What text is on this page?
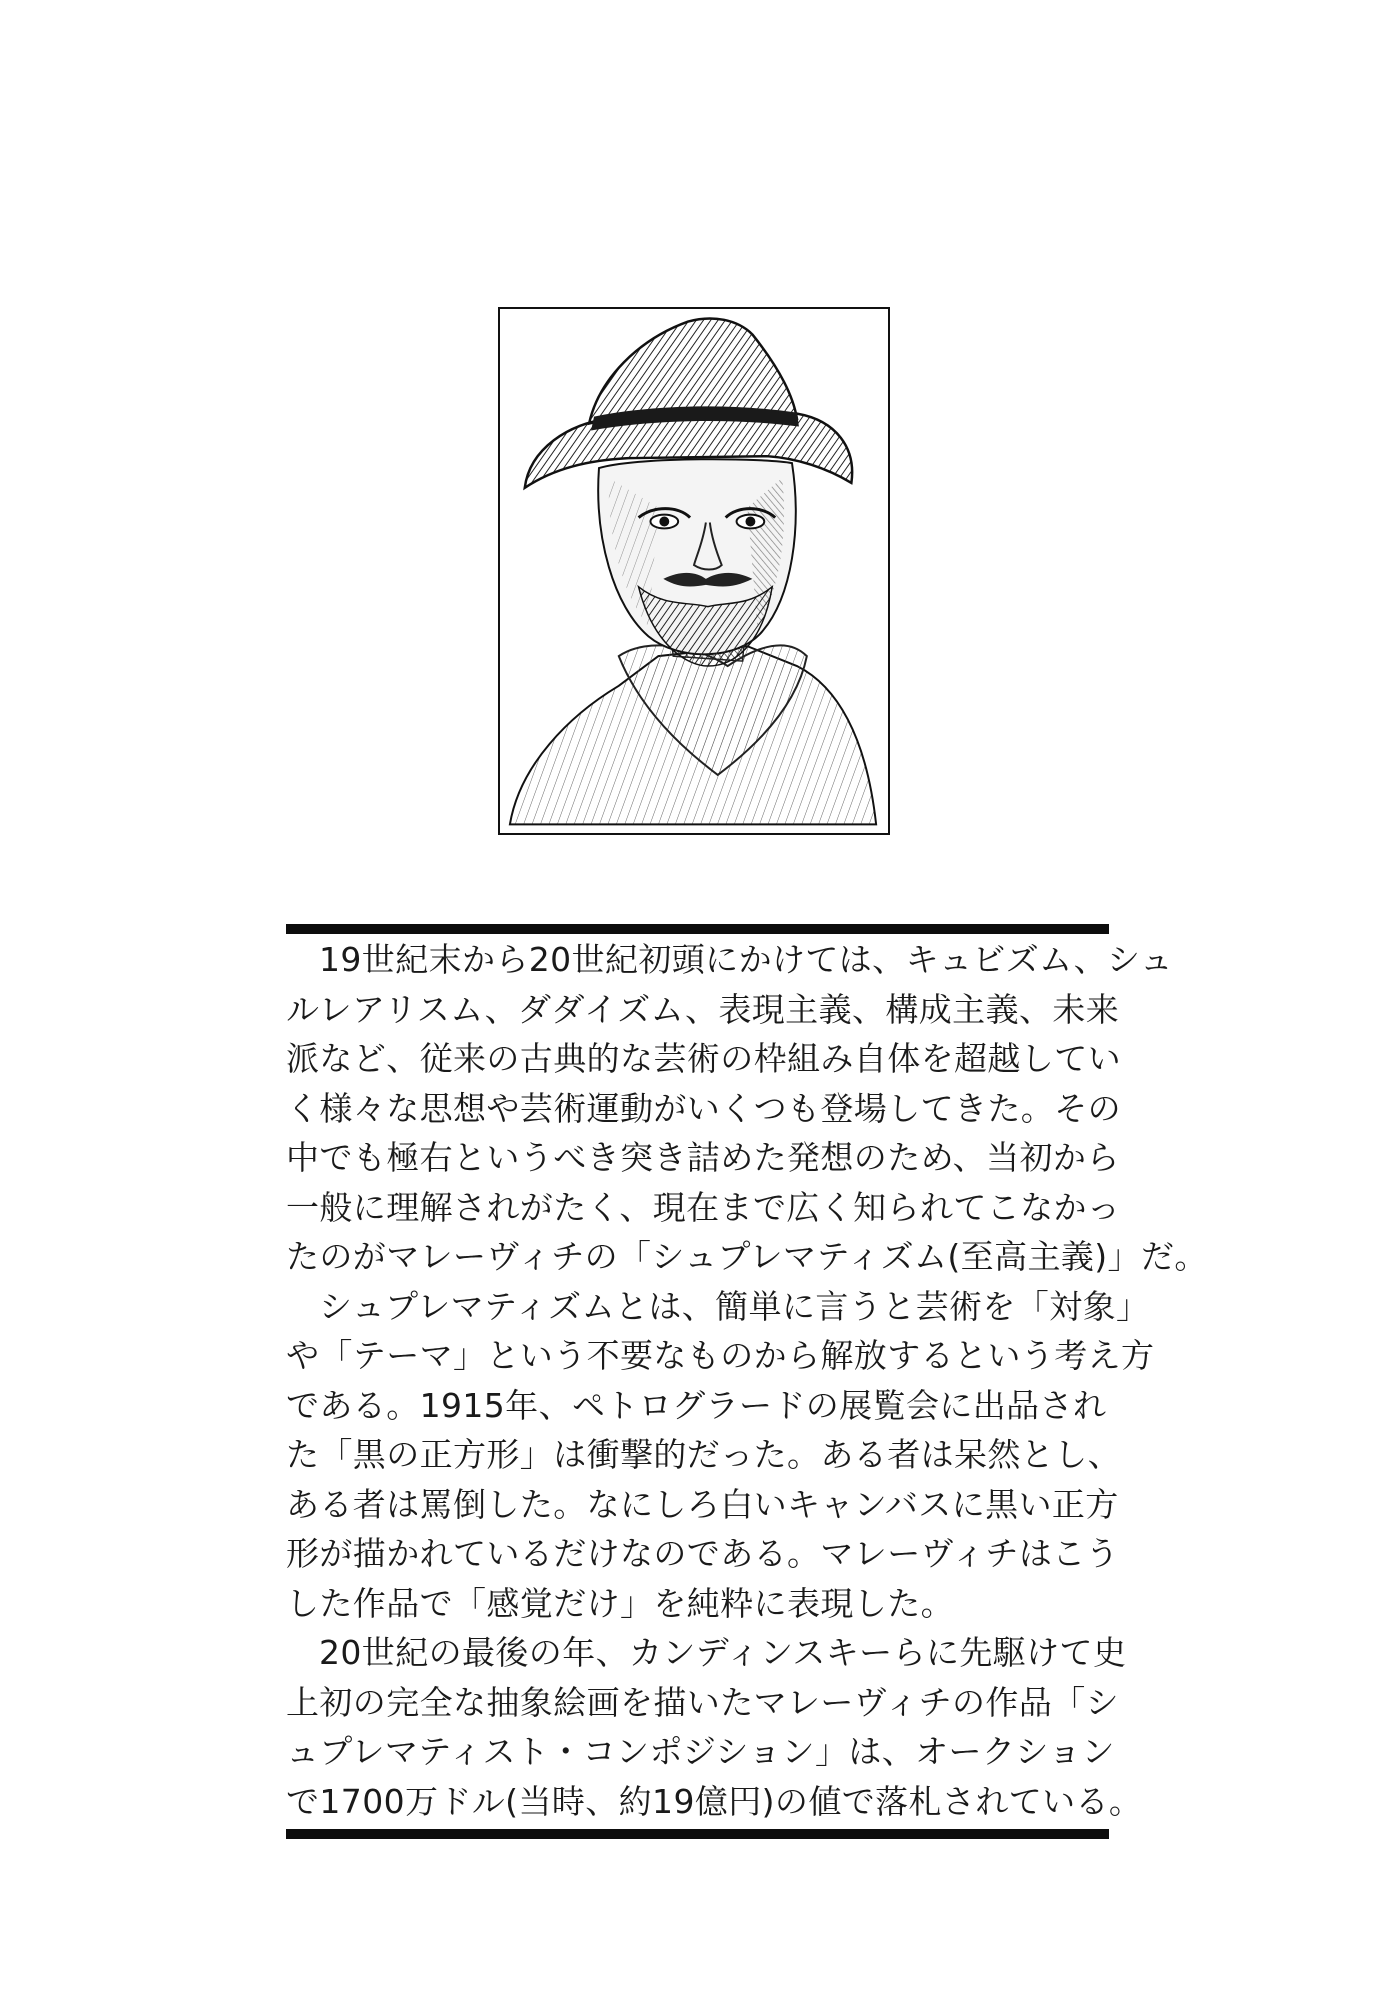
19世紀末から20世紀初頭にかけては、キュビズム、シュ
ルレアリスム、ダダイズム、表現主義、構成主義、未来
派など、従来の古典的な芸術の枠組み自体を超越してい
く様々な思想や芸術運動がいくつも登場してきた。その
中でも極右というべき突き詰めた発想のため、当初から
一般に理解されがたく、現在まで広く知られてこなかっ
たのがマレーヴィチの「シュプレマティズム(至高主義)」だ。

シュプレマティズムとは、簡単に言うと芸術を「対象」
や「テーマ」という不要なものから解放するという考え方
である。1915年、ペトログラードの展覧会に出品され
た「黒の正方形」は衝撃的だった。ある者は呆然とし、
ある者は罵倒した。なにしろ白いキャンバスに黒い正方
形が描かれているだけなのである。マレーヴィチはこう
した作品で「感覚だけ」を純粋に表現した。

20世紀の最後の年、カンディンスキーらに先駆けて史
上初の完全な抽象絵画を描いたマレーヴィチの作品「シ
ュプレマティスト・コンポジション」は、オークション
で1700万ドル(当時、約19億円)の値で落札されている。
